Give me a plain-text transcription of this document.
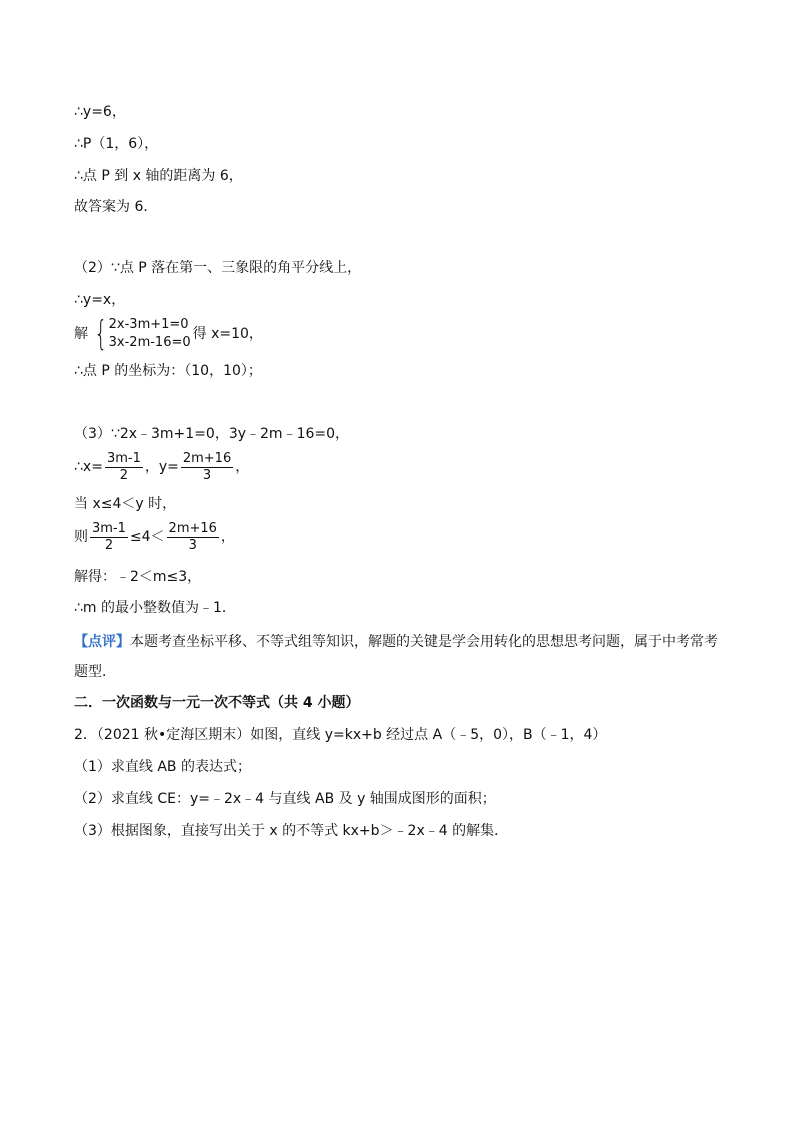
∴y=6，
∴P（1，6），
∴点 P 到 x 轴的距离为 6，
故答案为 6．
（2）∵点 P 落在第一、三象限的角平分线上，
∴y=x，
解 { 2x-3m+1=0
3x-2m-16=0
得 x=10，
∴点 P 的坐标为：（10，10）；
（3）∵2x﹣3m+1=0，3y﹣2m﹣16=0，
∴x= $\frac{3m-1}{2}$ ，$y= \frac{2m+16}{3}$ ，
当 x≤4＜y 时，
则 $\frac{3m-1}{2} \le 4< \frac{2m+16}{3}$ ，
解得：﹣2＜m≤3，
∴m 的最小整数值为﹣1．
【点评】本题考查坐标平移、不等式组等知识，解题的关键是学会用转化的思想思考问题，属于中考常考
题型．
二．一次函数与一元一次不等式（共 4 小题）
2．（2021 秋•定海区期末）如图，直线 y=kx+b 经过点 A（﹣5，0），B（﹣1，4）
（1）求直线 AB 的表达式；
（2）求直线 CE：y=﹣2x﹣4 与直线 AB 及 y 轴围成图形的面积；
（3）根据图象，直接写出关于 x 的不等式 kx+b＞﹣2x﹣4 的解集．
